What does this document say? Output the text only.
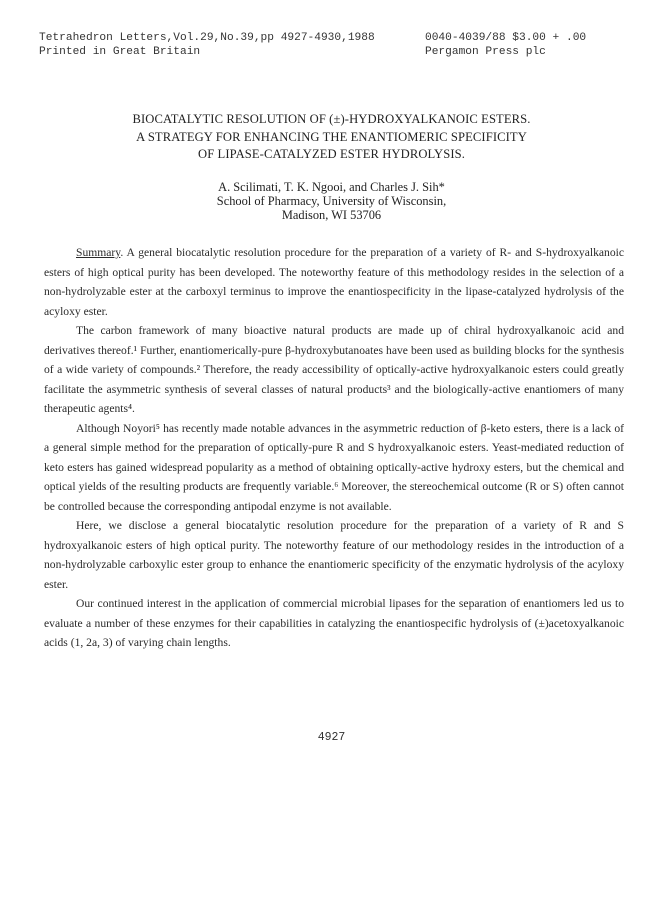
Tetrahedron Letters,Vol.29,No.39,pp 4927-4930,1988
Printed in Great Britain
0040-4039/88 $3.00 + .00
Pergamon Press plc
BIOCATALYTIC RESOLUTION OF (±)-HYDROXYALKANOIC ESTERS.
A STRATEGY FOR ENHANCING THE ENANTIOMERIC SPECIFICITY
OF LIPASE-CATALYZED ESTER HYDROLYSIS.
A. Scilimati, T. K. Ngooi, and Charles J. Sih*
School of Pharmacy, University of Wisconsin,
Madison, WI 53706

Summary. A general biocatalytic resolution procedure for the preparation of a variety of R- and S-hydroxyalkanoic esters of high optical purity has been developed. The noteworthy feature of this methodology resides in the selection of a non-hydrolyzable ester at the carboxyl terminus to improve the enantiospecificity in the lipase-catalyzed hydrolysis of the acyloxy ester.

The carbon framework of many bioactive natural products are made up of chiral hydroxyalkanoic acid and derivatives thereof.¹ Further, enantiomerically-pure β-hydroxybutanoates have been used as building blocks for the synthesis of a wide variety of compounds.² Therefore, the ready accessibility of optically-active hydroxyalkanoic esters could greatly facilitate the asymmetric synthesis of several classes of natural products³ and the biologically-active enantiomers of many therapeutic agents⁴.

Although Noyori⁵ has recently made notable advances in the asymmetric reduction of β-keto esters, there is a lack of a general simple method for the preparation of optically-pure R and S hydroxyalkanoic esters. Yeast-mediated reduction of keto esters has gained widespread popularity as a method of obtaining optically-active hydroxy esters, but the chemical and optical yields of the resulting products are frequently variable.⁶ Moreover, the stereochemical outcome (R or S) often cannot be controlled because the corresponding antipodal enzyme is not available.

Here, we disclose a general biocatalytic resolution procedure for the preparation of a variety of R and S hydroxyalkanoic esters of high optical purity. The noteworthy feature of our methodology resides in the introduction of a non-hydrolyzable carboxylic ester group to enhance the enantiomeric specificity of the enzymatic hydrolysis of the acyloxy ester.

Our continued interest in the application of commercial microbial lipases for the separation of enantiomers led us to evaluate a number of these enzymes for their capabilities in catalyzing the enantiospecific hydrolysis of (±)acetoxyalkanoic acids (1, 2a, 3) of varying chain lengths.

4927
